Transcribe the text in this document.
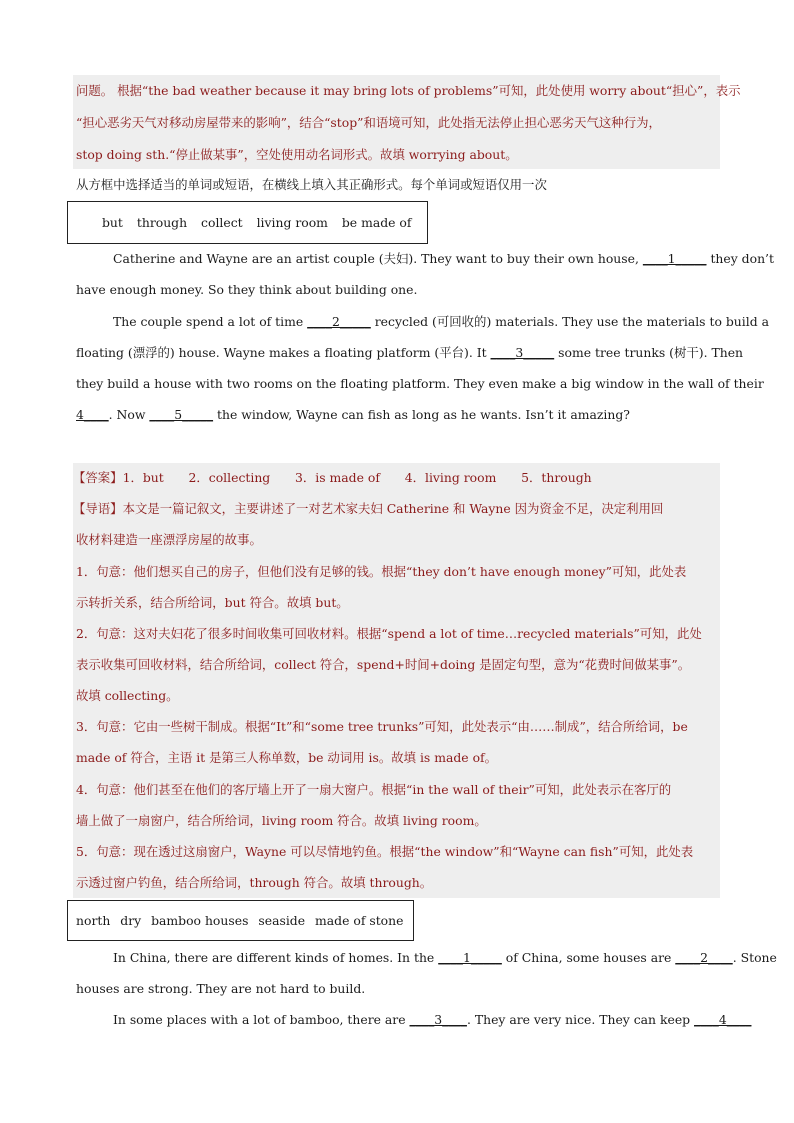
问题。 根据“the bad weather because it may bring lots of problems”可知，此处使用 worry about“担心”，表示
“担心恶劣天气对移动房屋带来的影响”，结合“stop”和语境可知，此处指无法停止担心恶劣天气这种行为，
stop doing sth.“停止做某事”，空处使用动名词形式。故填 worrying about。
从方框中选择适当的单词或短语，在横线上填入其正确形式。每个单词或短语仅用一次
but through collect living room be made of
Catherine and Wayne are an artist couple (夫妇). They want to buy their own house, ____1_____ they don’t
have enough money. So they think about building one.
The couple spend a lot of time ____2_____ recycled (可回收的) materials. They use the materials to build a
floating (漂浮的) house. Wayne makes a floating platform (平台). It ____3_____ some tree trunks (树干). Then
they build a house with two rooms on the floating platform. They even make a big window in the wall of their
4____. Now ____5_____ the window, Wayne can fish as long as he wants. Isn’t it amazing?
【答案】1．but　　2．collecting　　3．is made of　　4．living room　　5．through
【导语】本文是一篇记叙文，主要讲述了一对艺术家夫妇 Catherine 和 Wayne 因为资金不足，决定利用回
收材料建造一座漂浮房屋的故事。
1．句意：他们想买自己的房子，但他们没有足够的钱。根据“they don’t have enough money”可知，此处表
示转折关系，结合所给词，but 符合。故填 but。
2．句意：这对夫妇花了很多时间收集可回收材料。根据“spend a lot of time…recycled materials”可知，此处
表示收集可回收材料，结合所给词，collect 符合，spend+时间+doing 是固定句型，意为“花费时间做某事”。
故填 collecting。
3．句意：它由一些树干制成。根据“It”和“some tree trunks”可知，此处表示“由……制成”，结合所给词，be
made of 符合，主语 it 是第三人称单数，be 动词用 is。故填 is made of。
4．句意：他们甚至在他们的客厅墙上开了一扇大窗户。根据“in the wall of their”可知，此处表示在客厅的
墙上做了一扇窗户，结合所给词，living room 符合。故填 living room。
5．句意：现在透过这扇窗户，Wayne 可以尽情地钓鱼。根据“the window”和“Wayne can fish”可知，此处表
示透过窗户钓鱼，结合所给词，through 符合。故填 through。
north dry bamboo houses seaside made of stone
In China, there are different kinds of homes. In the ____1_____ of China, some houses are ____2____. Stone
houses are strong. They are not hard to build.
In some places with a lot of bamboo, there are ____3____. They are very nice. They can keep ____4____
